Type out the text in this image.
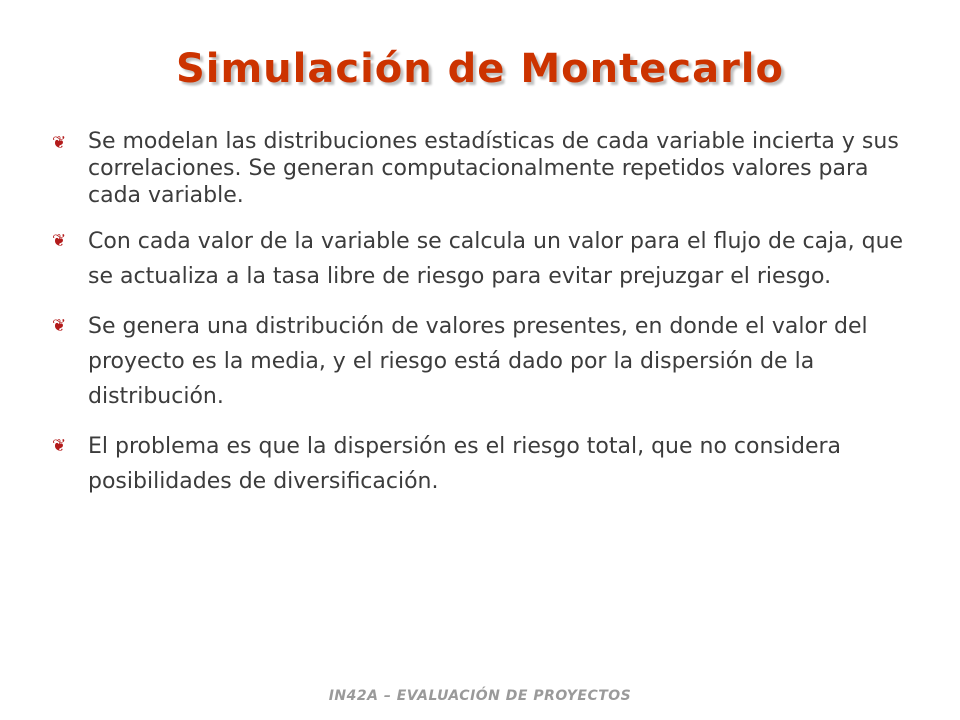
Simulación de Montecarlo
❦ Se modelan las distribuciones estadísticas de cada variable incierta y sus correlaciones. Se generan computacionalmente repetidos valores para cada variable.
❦ Con cada valor de la variable se calcula un valor para el flujo de caja, que se actualiza a la tasa libre de riesgo para evitar prejuzgar el riesgo.
❦ Se genera una distribución de valores presentes, en donde el valor del proyecto es la media, y el riesgo está dado por la dispersión de la distribución.
❦ El problema es que la dispersión es el riesgo total, que no considera posibilidades de diversificación.
IN42A – EVALUACIÓN DE PROYECTOS
